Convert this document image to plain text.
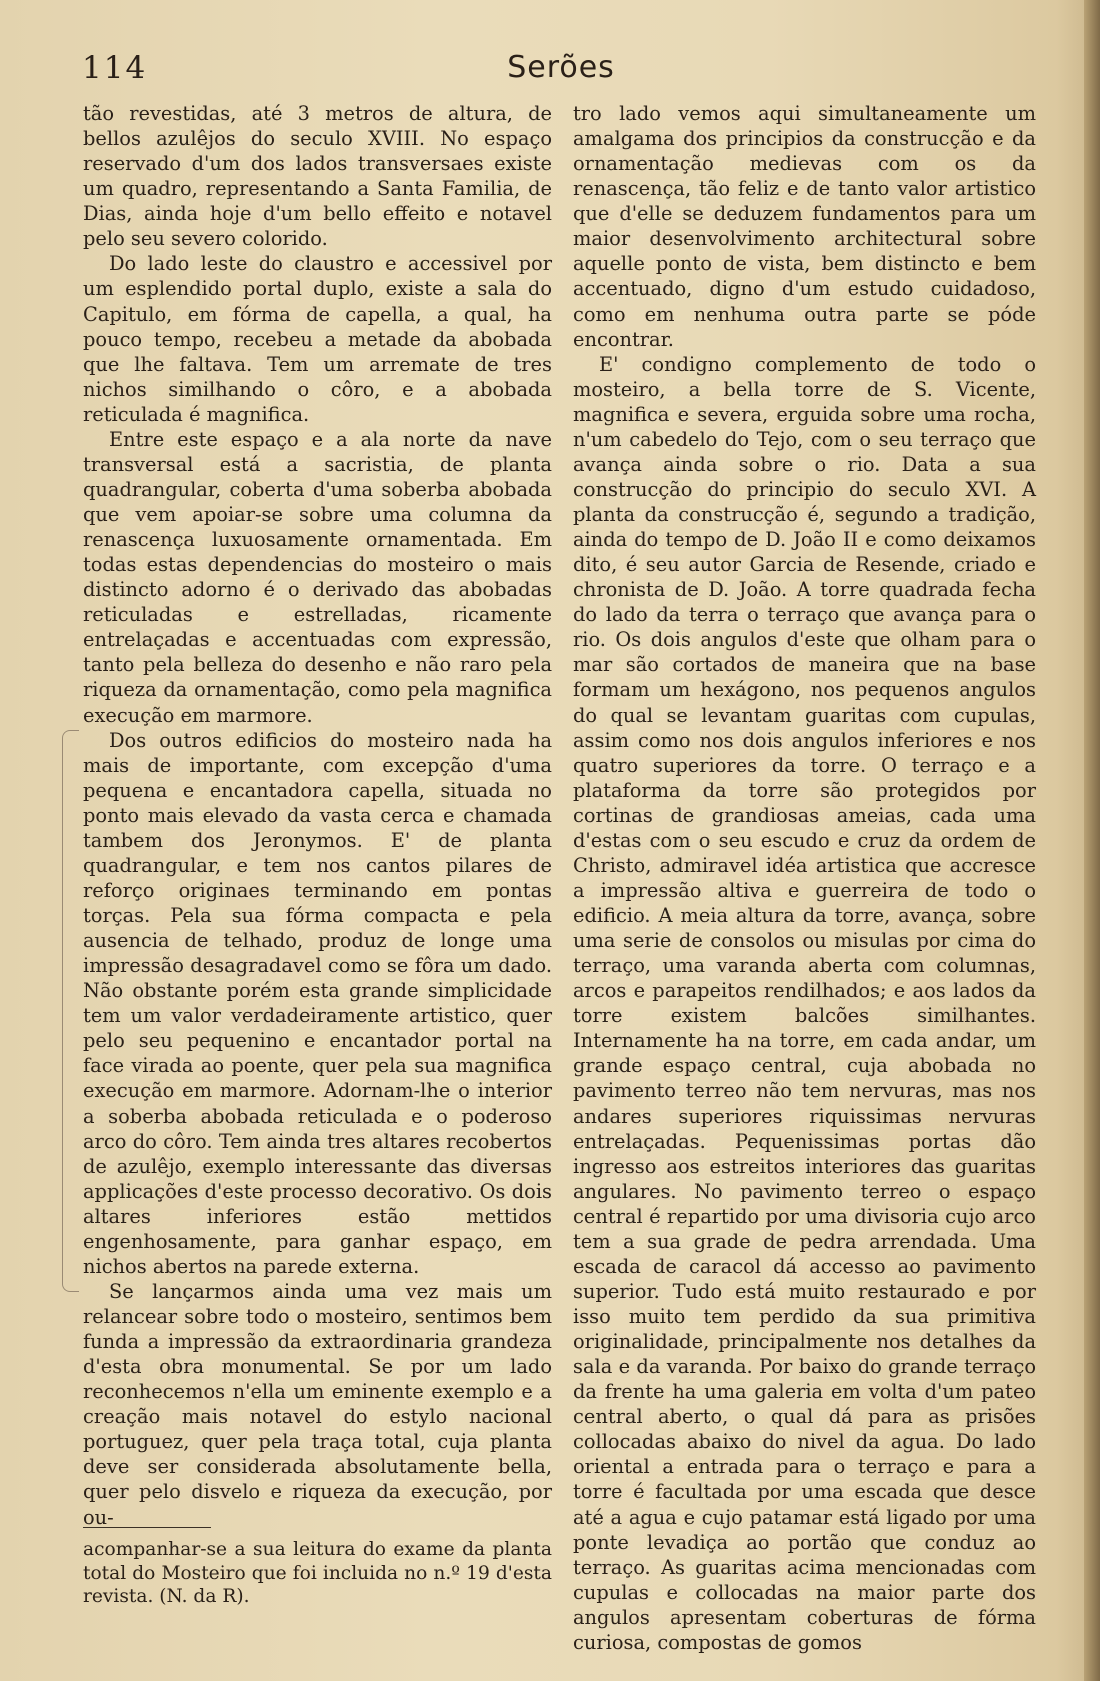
114	Serões

tão revestidas, até 3 metros de altura, de bellos azulêjos do seculo XVIII. No espaço reservado d'um dos lados transversaes existe um quadro, representando a Santa Familia, de Dias, ainda hoje d'um bello effeito e notavel pelo seu severo colorido.

Do lado leste do claustro e accessivel por um esplendido portal duplo, existe a sala do Capitulo, em fórma de capella, a qual, ha pouco tempo, recebeu a metade da abobada que lhe faltava. Tem um arremate de tres nichos similhando o côro, e a abobada reticulada é magnifica.

Entre este espaço e a ala norte da nave transversal está a sacristia, de planta quadrangular, coberta d'uma soberba abobada que vem apoiar-se sobre uma columna da renascença luxuosamente ornamentada. Em todas estas dependencias do mosteiro o mais distincto adorno é o derivado das abobadas reticuladas e estrelladas, ricamente entrelaçadas e accentuadas com expressão, tanto pela belleza do desenho e não raro pela riqueza da ornamentação, como pela magnifica execução em marmore.

Dos outros edificios do mosteiro nada ha mais de importante, com excepção d'uma pequena e encantadora capella, situada no ponto mais elevado da vasta cerca e chamada tambem dos Jeronymos. E' de planta quadrangular, e tem nos cantos pilares de reforço originaes terminando em pontas torças. Pela sua fórma compacta e pela ausencia de telhado, produz de longe uma impressão desagradavel como se fôra um dado. Não obstante porém esta grande simplicidade tem um valor verdadeiramente artistico, quer pelo seu pequenino e encantador portal na face virada ao poente, quer pela sua magnifica execução em marmore. Adornam-lhe o interior a soberba abobada reticulada e o poderoso arco do côro. Tem ainda tres altares recobertos de azulêjo, exemplo interessante das diversas applicações d'este processo decorativo. Os dois altares inferiores estão mettidos engenhosamente, para ganhar espaço, em nichos abertos na parede externa.

Se lançarmos ainda uma vez mais um relancear sobre todo o mosteiro, sentimos bem funda a impressão da extraordinaria grandeza d'esta obra monumental. Se por um lado reconhecemos n'ella um eminente exemplo e a creação mais notavel do estylo nacional portuguez, quer pela traça total, cuja planta deve ser considerada absolutamente bella, quer pelo disvelo e riqueza da execução, por ou-

tro lado vemos aqui simultaneamente um amalgama dos principios da construcção e da ornamentação medievas com os da renascença, tão feliz e de tanto valor artistico que d'elle se deduzem fundamentos para um maior desenvolvimento architectural sobre aquelle ponto de vista, bem distincto e bem accentuado, digno d'um estudo cuidadoso, como em nenhuma outra parte se póde encontrar.

E' condigno complemento de todo o mosteiro, a bella torre de S. Vicente, magnifica e severa, erguida sobre uma rocha, n'um cabedelo do Tejo, com o seu terraço que avança ainda sobre o rio. Data a sua construcção do principio do seculo XVI. A planta da construcção é, segundo a tradição, ainda do tempo de D. João II e como deixamos dito, é seu autor Garcia de Resende, criado e chronista de D. João. A torre quadrada fecha do lado da terra o terraço que avança para o rio. Os dois angulos d'este que olham para o mar são cortados de maneira que na base formam um hexágono, nos pequenos angulos do qual se levantam guaritas com cupulas, assim como nos dois angulos inferiores e nos quatro superiores da torre. O terraço e a plataforma da torre são protegidos por cortinas de grandiosas ameias, cada uma d'estas com o seu escudo e cruz da ordem de Christo, admiravel idéa artistica que accresce a impressão altiva e guerreira de todo o edificio. A meia altura da torre, avança, sobre uma serie de consolos ou misulas por cima do terraço, uma varanda aberta com columnas, arcos e parapeitos rendilhados; e aos lados da torre existem balcões similhantes. Internamente ha na torre, em cada andar, um grande espaço central, cuja abobada no pavimento terreo não tem nervuras, mas nos andares superiores riquissimas nervuras entrelaçadas. Pequenissimas portas dão ingresso aos estreitos interiores das guaritas angulares. No pavimento terreo o espaço central é repartido por uma divisoria cujo arco tem a sua grade de pedra arrendada. Uma escada de caracol dá accesso ao pavimento superior. Tudo está muito restaurado e por isso muito tem perdido da sua primitiva originalidade, principalmente nos detalhes da sala e da varanda. Por baixo do grande terraço da frente ha uma galeria em volta d'um pateo central aberto, o qual dá para as prisões collocadas abaixo do nivel da agua. Do lado oriental a entrada para o terraço e para a torre é facultada por uma escada que desce até a agua e cujo patamar está ligado por uma ponte levadiça ao portão que conduz ao terraço. As guaritas acima mencionadas com cupulas e collocadas na maior parte dos angulos apresentam coberturas de fórma curiosa, compostas de gomos

acompanhar-se a sua leitura do exame da planta total do Mosteiro que foi incluida no n.º 19 d'esta revista. (N. da R).
